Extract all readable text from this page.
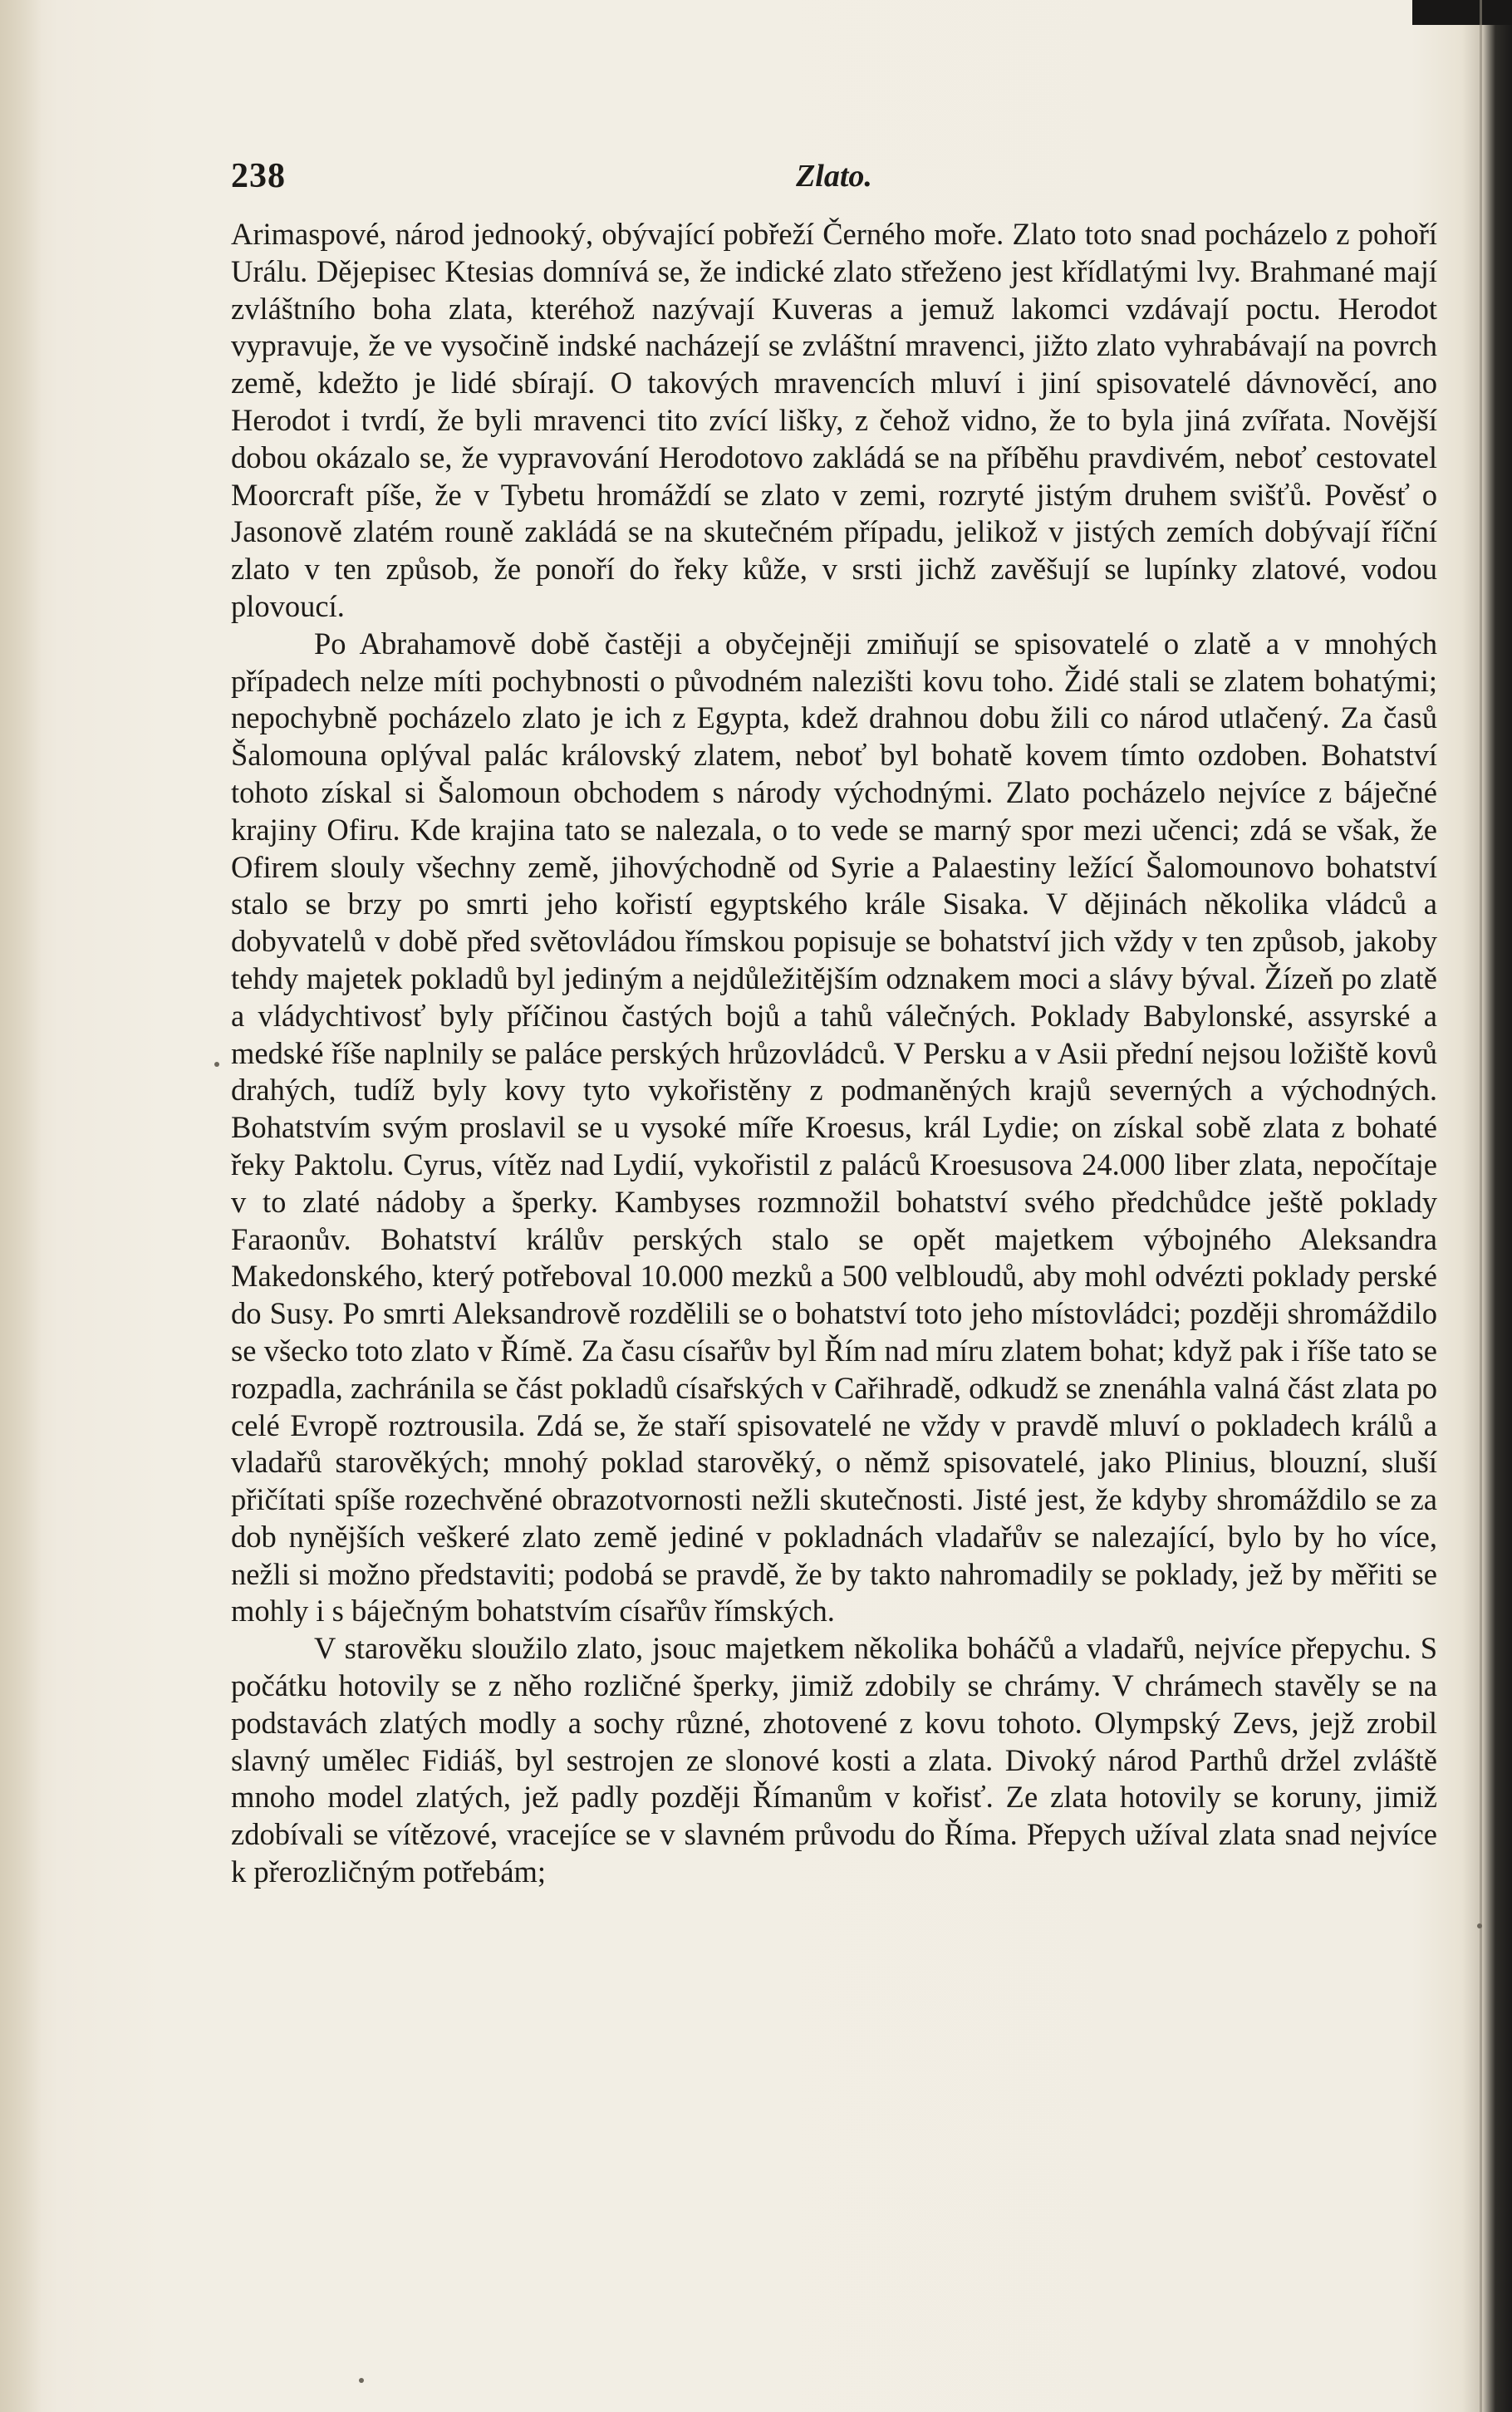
238	Zlato.

Arimaspové, národ jednooký, obývající pobřeží Černého moře. Zlato toto snad pocházelo z pohoří Urálu. Dějepisec Ktesias domnívá se, že indické zlato střeženo jest křídlatými lvy. Brahmané mají zvláštního boha zlata, kteréhož nazývají Kuveras a jemuž lakomci vzdávají poctu. Herodot vypravuje, že ve vysočině indské nacházejí se zvláštní mravenci, jižto zlato vyhrabávají na povrch země, kdežto je lidé sbírají. O takových mravencích mluví i jiní spisovatelé dávnověcí, ano Herodot i tvrdí, že byli mravenci tito zvící lišky, z čehož vidno, že to byla jiná zvířata. Novější dobou okázalo se, že vypravování Herodotovo zakládá se na příběhu pravdivém, neboť cestovatel Moorcraft píše, že v Tybetu hromáždí se zlato v zemi, rozryté jistým druhem svišťů. Pověsť o Jasonově zlatém rouně zakládá se na skutečném případu, jelikož v jistých zemích dobývají říční zlato v ten způsob, že ponoří do řeky kůže, v srsti jichž zavěšují se lupínky zlatové, vodou plovoucí.

Po Abrahamově době častěji a obyčejněji zmiňují se spisovatelé o zlatě a v mnohých případech nelze míti pochybnosti o původném nalezišti kovu toho. Židé stali se zlatem bohatými; nepochybně pocházelo zlato je ich z Egypta, kdež drahnou dobu žili co národ utlačený. Za časů Šalomouna oplýval palác královský zlatem, neboť byl bohatě kovem tímto ozdoben. Bohatství tohoto získal si Šalomoun obchodem s národy východnými. Zlato pocházelo nejvíce z báječné krajiny Ofiru. Kde krajina tato se nalezala, o to vede se marný spor mezi učenci; zdá se však, že Ofirem slouly všechny země, jihovýchodně od Syrie a Palaestiny ležící Šalomounovo bohatství stalo se brzy po smrti jeho kořistí egyptského krále Sisaka. V dějinách několika vládců a dobyvatelů v době před světovládou římskou popisuje se bohatství jich vždy v ten způsob, jakoby tehdy majetek pokladů byl jediným a nejdůležitějším odznakem moci a slávy býval. Žízeň po zlatě a vládychtivosť byly příčinou častých bojů a tahů válečných. Poklady Babylonské, assyrské a medské říše naplnily se paláce perských hrůzovládců. V Persku a v Asii přední nejsou ložiště kovů drahých, tudíž byly kovy tyto vykořistěny z podmaněných krajů severných a východných. Bohatstvím svým proslavil se u vysoké míře Kroesus, král Lydie; on získal sobě zlata z bohaté řeky Paktolu. Cyrus, vítěz nad Lydií, vykořistil z paláců Kroesusova 24.000 liber zlata, nepočítaje v to zlaté nádoby a šperky. Kambyses rozmnožil bohatství svého předchůdce ještě poklady Faraonův. Bohatství králův perských stalo se opět majetkem výbojného Aleksandra Makedonského, který potřeboval 10.000 mezků a 500 velbloudů, aby mohl odvézti poklady perské do Susy. Po smrti Aleksandrově rozdělili se o bohatství toto jeho místovládci; později shromáždilo se všecko toto zlato v Římě. Za času císařův byl Řím nad míru zlatem bohat; když pak i říše tato se rozpadla, zachránila se část pokladů císařských v Cařihradě, odkudž se znenáhla valná část zlata po celé Evropě roztrousila. Zdá se, že staří spisovatelé ne vždy v pravdě mluví o pokladech králů a vladařů starověkých; mnohý poklad starověký, o němž spisovatelé, jako Plinius, blouzní, sluší přičítati spíše rozechvěné obrazotvornosti nežli skutečnosti. Jisté jest, že kdyby shromáždilo se za dob nynějších veškeré zlato země jediné v pokladnách vladařův se nalezající, bylo by ho více, nežli si možno představiti; podobá se pravdě, že by takto nahromadily se poklady, jež by měřiti se mohly i s báječným bohatstvím císařův římských.

V starověku sloužilo zlato, jsouc majetkem několika boháčů a vladařů, nejvíce přepychu. S počátku hotovily se z něho rozličné šperky, jimiž zdobily se chrámy. V chrámech stavěly se na podstavách zlatých modly a sochy různé, zhotovené z kovu tohoto. Olympský Zevs, jejž zrobil slavný umělec Fidiáš, byl sestrojen ze slonové kosti a zlata. Divoký národ Parthů držel zvláště mnoho model zlatých, jež padly později Římanům v kořisť. Ze zlata hotovily se koruny, jimiž zdobívali se vítězové, vracejíce se v slavném průvodu do Říma. Přepych užíval zlata snad nejvíce k přerozličným potřebám;
